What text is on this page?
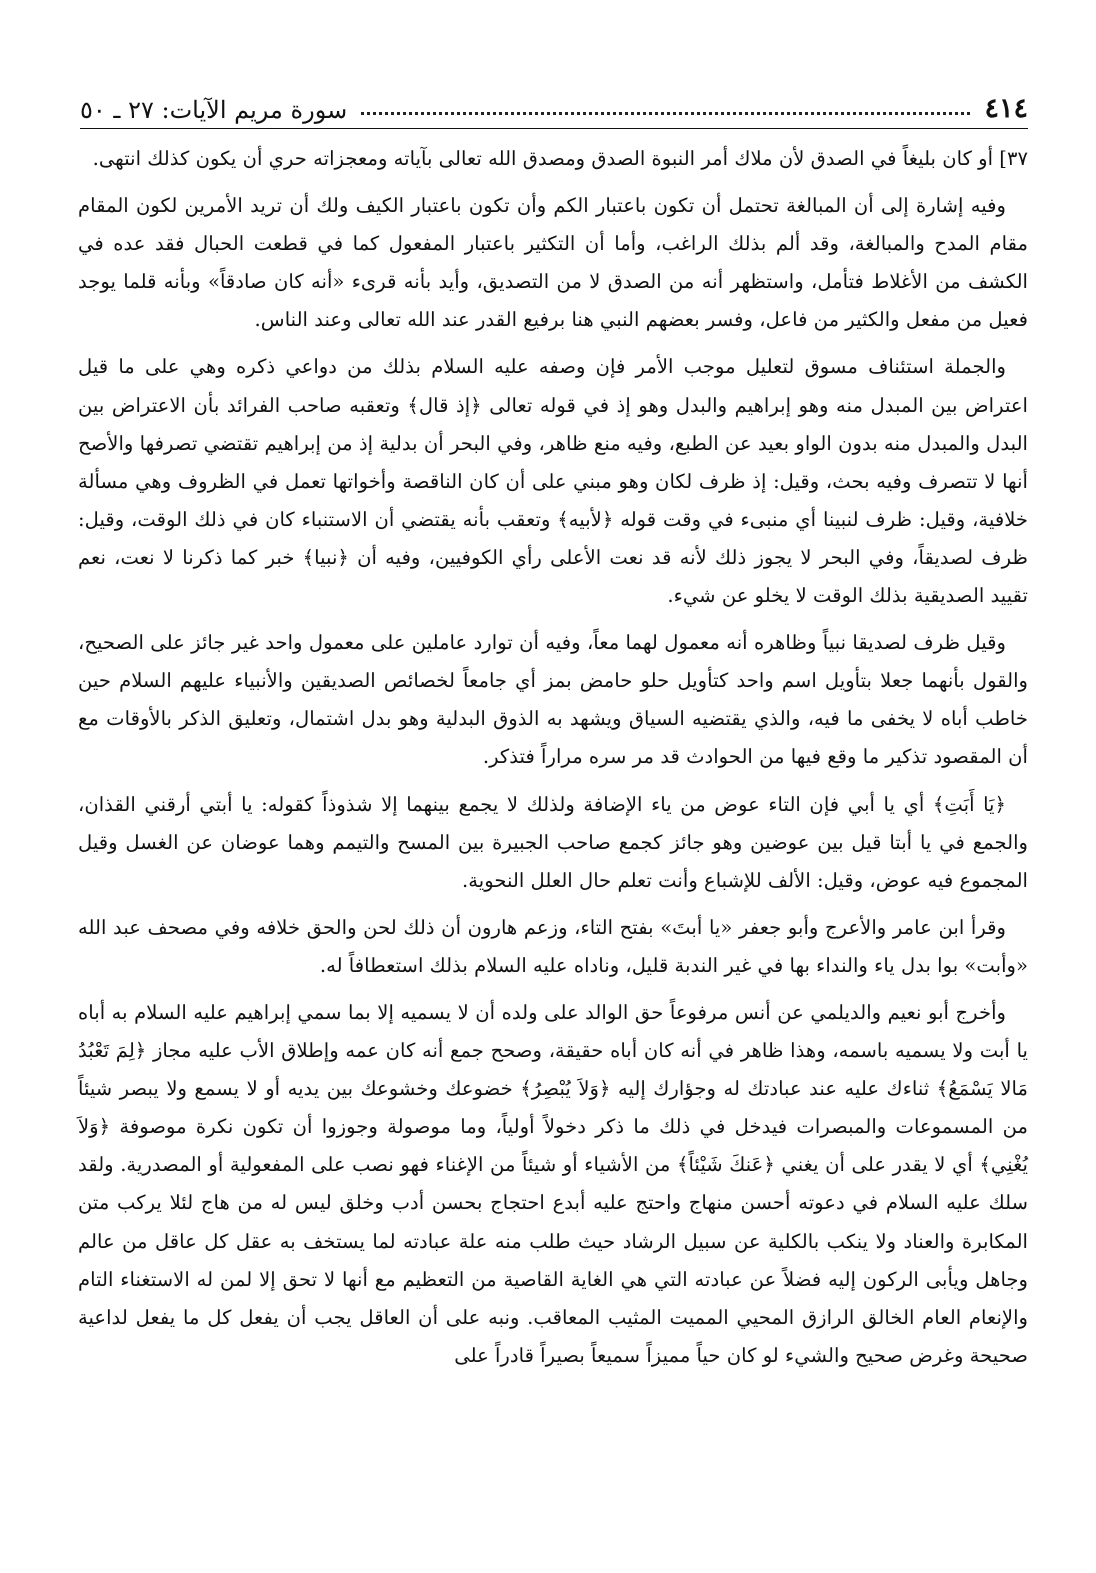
٤١٤
سورة مريم الآيات: ٢٧ ـ ٥٠

٣٧] أو كان بليغاً في الصدق لأن ملاك أمر النبوة الصدق ومصدق الله تعالى بآياته ومعجزاته حري أن يكون كذلك انتهى.

وفيه إشارة إلى أن المبالغة تحتمل أن تكون باعتبار الكم وأن تكون باعتبار الكيف ولك أن تريد الأمرين لكون المقام مقام المدح والمبالغة، وقد ألم بذلك الراغب، وأما أن التكثير باعتبار المفعول كما في قطعت الحبال فقد عده في الكشف من الأغلاط فتأمل، واستظهر أنه من الصدق لا من التصديق، وأيد بأنه قرىء «أنه كان صادقاً» وبأنه قلما يوجد فعيل من مفعل والكثير من فاعل، وفسر بعضهم النبي هنا برفيع القدر عند الله تعالى وعند الناس.

والجملة استئناف مسوق لتعليل موجب الأمر فإن وصفه عليه السلام بذلك من دواعي ذكره وهي على ما قيل اعتراض بين المبدل منه وهو إبراهيم والبدل وهو إذ في قوله تعالى ﴿إذ قال﴾ وتعقبه صاحب الفرائد بأن الاعتراض بين البدل والمبدل منه بدون الواو بعيد عن الطبع، وفيه منع ظاهر، وفي البحر أن بدلية إذ من إبراهيم تقتضي تصرفها والأصح أنها لا تتصرف وفيه بحث، وقيل: إذ ظرف لكان وهو مبني على أن كان الناقصة وأخواتها تعمل في الظروف وهي مسألة خلافية، وقيل: ظرف لنبينا أي منبىء في وقت قوله ﴿لأبيه﴾ وتعقب بأنه يقتضي أن الاستنباء كان في ذلك الوقت، وقيل: ظرف لصديقاً، وفي البحر لا يجوز ذلك لأنه قد نعت الأعلى رأي الكوفيين، وفيه أن ﴿نبيا﴾ خبر كما ذكرنا لا نعت، نعم تقييد الصديقية بذلك الوقت لا يخلو عن شيء.

وقيل ظرف لصديقا نبياً وظاهره أنه معمول لهما معاً، وفيه أن توارد عاملين على معمول واحد غير جائز على الصحيح، والقول بأنهما جعلا بتأويل اسم واحد كتأويل حلو حامض بمز أي جامعاً لخصائص الصديقين والأنبياء عليهم السلام حين خاطب أباه لا يخفى ما فيه، والذي يقتضيه السياق ويشهد به الذوق البدلية وهو بدل اشتمال، وتعليق الذكر بالأوقات مع أن المقصود تذكير ما وقع فيها من الحوادث قد مر سره مراراً فتذكر.

﴿يَا أَبَتِ﴾ أي يا أبي فإن التاء عوض من ياء الإضافة ولذلك لا يجمع بينهما إلا شذوذاً كقوله: يا أبتي أرقني القذان، والجمع في يا أبتا قيل بين عوضين وهو جائز كجمع صاحب الجبيرة بين المسح والتيمم وهما عوضان عن الغسل وقيل المجموع فيه عوض، وقيل: الألف للإشباع وأنت تعلم حال العلل النحوية.

وقرأ ابن عامر والأعرج وأبو جعفر «يا أبتَ» بفتح التاء، وزعم هارون أن ذلك لحن والحق خلافه وفي مصحف عبد الله «وأبت» بوا بدل ياء والنداء بها في غير الندبة قليل، وناداه عليه السلام بذلك استعطافاً له.

وأخرج أبو نعيم والديلمي عن أنس مرفوعاً حق الوالد على ولده أن لا يسميه إلا بما سمي إبراهيم عليه السلام به أباه يا أبت ولا يسميه باسمه، وهذا ظاهر في أنه كان أباه حقيقة، وصحح جمع أنه كان عمه وإطلاق الأب عليه مجاز ﴿لِمَ تَعْبُدُ مَالا يَسْمَعُ﴾ ثناءك عليه عند عبادتك له وجؤارك إليه ﴿وَلاَ يُبْصِرُ﴾ خضوعك وخشوعك بين يديه أو لا يسمع ولا يبصر شيئاً من المسموعات والمبصرات فيدخل في ذلك ما ذكر دخولاً أولياً، وما موصولة وجوزوا أن تكون نكرة موصوفة ﴿وَلاَ يُغْنِي﴾ أي لا يقدر على أن يغني ﴿عَنكَ شَيْئاً﴾ من الأشياء أو شيئاً من الإغناء فهو نصب على المفعولية أو المصدرية. ولقد سلك عليه السلام في دعوته أحسن منهاج واحتج عليه أبدع احتجاج بحسن أدب وخلق ليس له من هاج لئلا يركب متن المكابرة والعناد ولا ينكب بالكلية عن سبيل الرشاد حيث طلب منه علة عبادته لما يستخف به عقل كل عاقل من عالم وجاهل ويأبى الركون إليه فضلاً عن عبادته التي هي الغاية القاصية من التعظيم مع أنها لا تحق إلا لمن له الاستغناء التام والإنعام العام الخالق الرازق المحيي المميت المثيب المعاقب. ونبه على أن العاقل يجب أن يفعل كل ما يفعل لداعية صحيحة وغرض صحيح والشيء لو كان حياً مميزاً سميعاً بصيراً قادراً على
